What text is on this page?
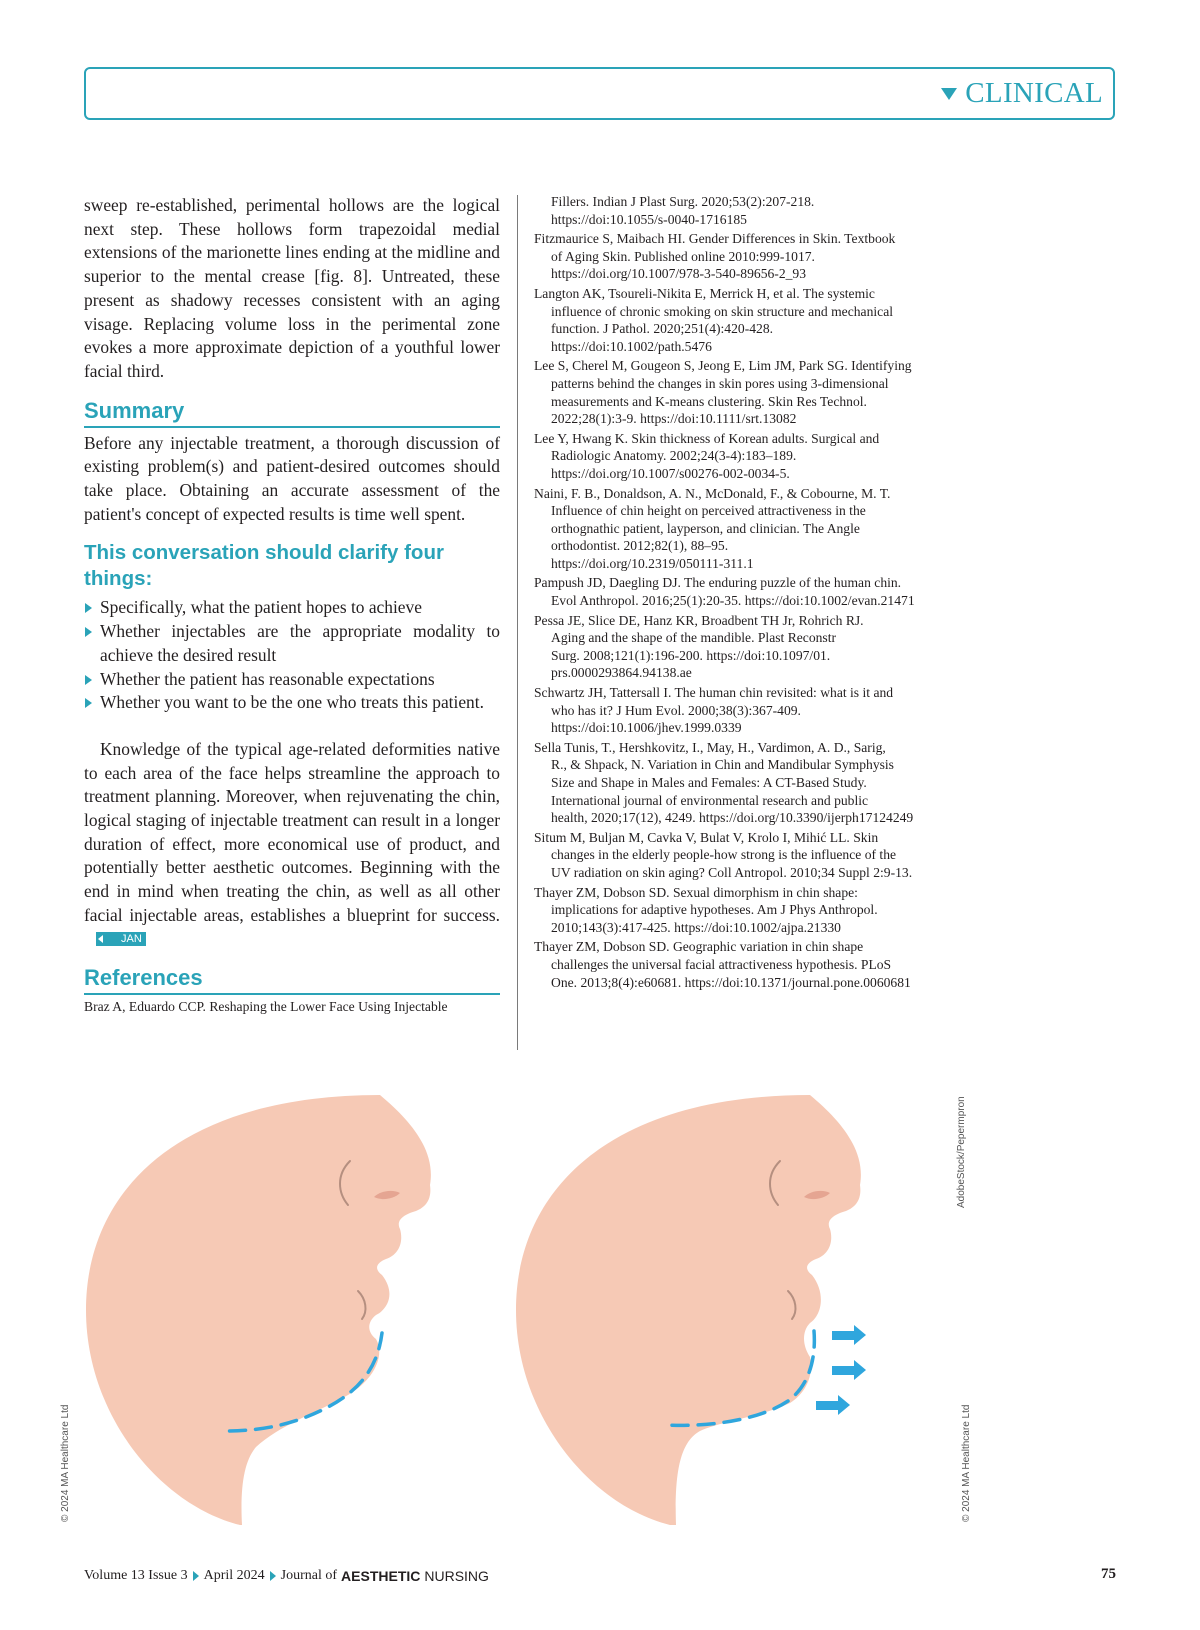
CLINICAL

sweep re-established, perimental hollows are the logical next step. These hollows form trapezoidal medial extensions of the marionette lines ending at the midline and superior to the mental crease [fig. 8]. Untreated, these present as shadowy recesses consistent with an aging visage. Replacing volume loss in the perimental zone evokes a more approximate depiction of a youthful lower facial third.

Summary

Before any injectable treatment, a thorough discussion of existing problem(s) and patient-desired outcomes should take place. Obtaining an accurate assessment of the patient's concept of expected results is time well spent.

This conversation should clarify four things:
Specifically, what the patient hopes to achieve
Whether injectables are the appropriate modality to achieve the desired result
Whether the patient has reasonable expectations
Whether you want to be the one who treats this patient.

Knowledge of the typical age-related deformities native to each area of the face helps streamline the approach to treatment planning. Moreover, when rejuvenating the chin, logical staging of injectable treatment can result in a longer duration of effect, more economical use of product, and potentially better aesthetic outcomes. Beginning with the end in mind when treating the chin, as well as all other facial injectable areas, establishes a blueprint for success.
JAN

References

Braz A, Eduardo CCP. Reshaping the Lower Face Using Injectable

Fillers. Indian J Plast Surg. 2020;53(2):207-218.
https://doi:10.1055/s-0040-1716185

Fitzmaurice S, Maibach HI. Gender Differences in Skin. Textbook
of Aging Skin. Published online 2010:999-1017.
https://doi.org/10.1007/978-3-540-89656-2_93

Langton AK, Tsoureli-Nikita E, Merrick H, et al. The systemic
influence of chronic smoking on skin structure and mechanical
function. J Pathol. 2020;251(4):420-428.
https://doi:10.1002/path.5476

Lee S, Cherel M, Gougeon S, Jeong E, Lim JM, Park SG. Identifying
patterns behind the changes in skin pores using 3-dimensional
measurements and K-means clustering. Skin Res Technol.
2022;28(1):3-9. https://doi:10.1111/srt.13082

Lee Y, Hwang K. Skin thickness of Korean adults. Surgical and
Radiologic Anatomy. 2002;24(3-4):183–189.
https://doi.org/10.1007/s00276-002-0034-5.

Naini, F. B., Donaldson, A. N., McDonald, F., & Cobourne, M. T.
Influence of chin height on perceived attractiveness in the
orthognathic patient, layperson, and clinician. The Angle
orthodontist. 2012;82(1), 88–95.
https://doi.org/10.2319/050111-311.1

Pampush JD, Daegling DJ. The enduring puzzle of the human chin.
Evol Anthropol. 2016;25(1):20-35. https://doi:10.1002/evan.21471

Pessa JE, Slice DE, Hanz KR, Broadbent TH Jr, Rohrich RJ.
Aging and the shape of the mandible. Plast Reconstr
Surg. 2008;121(1):196-200. https://doi:10.1097/01.
prs.0000293864.94138.ae

Schwartz JH, Tattersall I. The human chin revisited: what is it and
who has it? J Hum Evol. 2000;38(3):367-409.
https://doi:10.1006/jhev.1999.0339

Sella Tunis, T., Hershkovitz, I., May, H., Vardimon, A. D., Sarig,
R., & Shpack, N. Variation in Chin and Mandibular Symphysis
Size and Shape in Males and Females: A CT-Based Study.
International journal of environmental research and public
health, 2020;17(12), 4249. https://doi.org/10.3390/ijerph17124249

Situm M, Buljan M, Cavka V, Bulat V, Krolo I, Mihić LL. Skin
changes in the elderly people-how strong is the influence of the
UV radiation on skin aging? Coll Antropol. 2010;34 Suppl 2:9-13.

Thayer ZM, Dobson SD. Sexual dimorphism in chin shape:
implications for adaptive hypotheses. Am J Phys Anthropol.
2010;143(3):417-425. https://doi:10.1002/ajpa.21330

Thayer ZM, Dobson SD. Geographic variation in chin shape
challenges the universal facial attractiveness hypothesis. PLoS
One. 2013;8(4):e60681. https://doi:10.1371/journal.pone.0060681

AdobeStock/Pepermpron
© 2024 MA Healthcare Ltd	© 2024 MA Healthcare Ltd
Volume 13 Issue 3 April 2024 Journal of AESTHETIC NURSING	75
